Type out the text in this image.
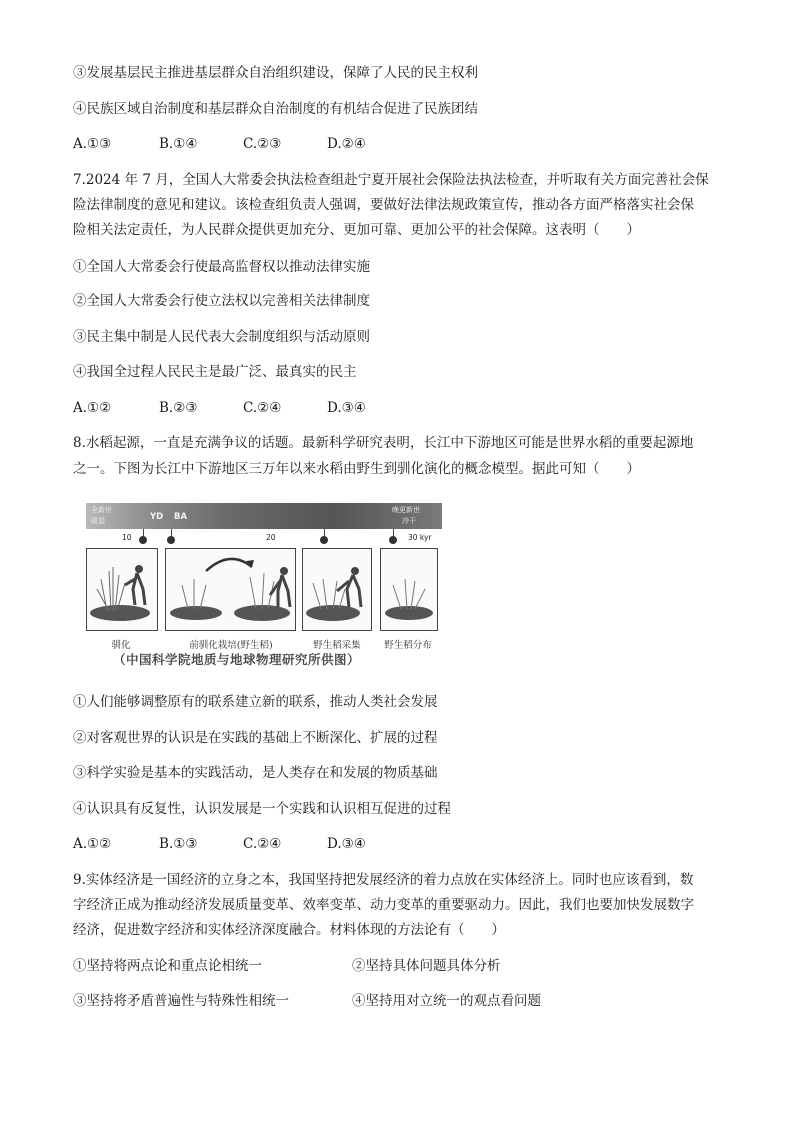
③发展基层民主推进基层群众自治组织建设，保障了人民的民主权利
④民族区域自治制度和基层群众自治制度的有机结合促进了民族团结
A.①③	B.①④	C.②③	D.②④
7.2024 年 7 月，全国人大常委会执法检查组赴宁夏开展社会保险法执法检查，并听取有关方面完善社会保
险法律制度的意见和建议。该检查组负责人强调，要做好法律法规政策宣传，推动各方面严格落实社会保
险相关法定责任，为人民群众提供更加充分、更加可靠、更加公平的社会保障。这表明（　　）
①全国人大常委会行使最高监督权以推动法律实施
②全国人大常委会行使立法权以完善相关法律制度
③民主集中制是人民代表大会制度组织与活动原则
④我国全过程人民民主是最广泛、最真实的民主
A.①②	B.②③	C.②④	D.③④
8.水稻起源，一直是充满争议的话题。最新科学研究表明，长江中下游地区可能是世界水稻的重要起源地
之一。下图为长江中下游地区三万年以来水稻由野生到驯化演化的概念模型。据此可知（　　）
全新世
暖湿	YD BA
晚更新世
冷干
10	20	30 kyr
驯化	前驯化栽培(野生稻)	野生稻采集	野生稻分布
（中国科学院地质与地球物理研究所供图）
①人们能够调整原有的联系建立新的联系，推动人类社会发展
②对客观世界的认识是在实践的基础上不断深化、扩展的过程
③科学实验是基本的实践活动，是人类存在和发展的物质基础
④认识具有反复性，认识发展是一个实践和认识相互促进的过程
A.①②	B.①③	C.②④	D.③④
9.实体经济是一国经济的立身之本，我国坚持把发展经济的着力点放在实体经济上。同时也应该看到，数
字经济正成为推动经济发展质量变革、效率变革、动力变革的重要驱动力。因此，我们也要加快发展数字
经济，促进数字经济和实体经济深度融合。材料体现的方法论有（　　）
①坚持将两点论和重点论相统一	②坚持具体问题具体分析
③坚持将矛盾普遍性与特殊性相统一	④坚持用对立统一的观点看问题
